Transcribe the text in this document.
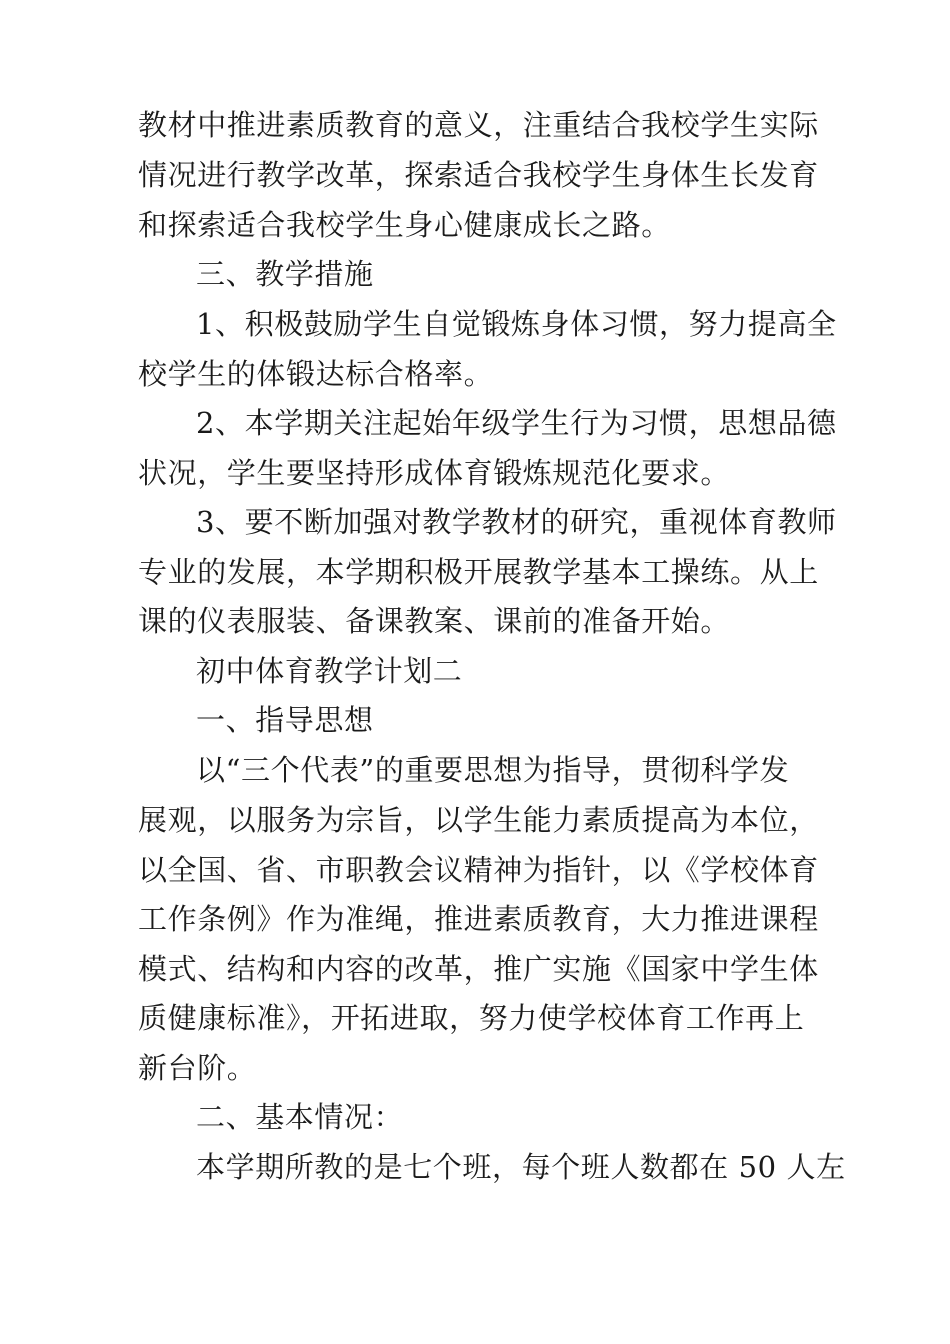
教材中推进素质教育的意义，注重结合我校学生实际
情况进行教学改革，探索适合我校学生身体生长发育
和探索适合我校学生身心健康成长之路。
三、教学措施
1、积极鼓励学生自觉锻炼身体习惯，努力提高全
校学生的体锻达标合格率。
2、本学期关注起始年级学生行为习惯，思想品德
状况，学生要坚持形成体育锻炼规范化要求。
3、要不断加强对教学教材的研究，重视体育教师
专业的发展，本学期积极开展教学基本工操练。从上
课的仪表服装、备课教案、课前的准备开始。
初中体育教学计划二
一、指导思想
以“三个代表”的重要思想为指导，贯彻科学发
展观，以服务为宗旨，以学生能力素质提高为本位，
以全国、省、市职教会议精神为指针，以《学校体育
工作条例》作为准绳，推进素质教育，大力推进课程
模式、结构和内容的改革，推广实施《国家中学生体
质健康标准》，开拓进取，努力使学校体育工作再上
新台阶。
二、基本情况：
本学期所教的是七个班，每个班人数都在 50 人左
